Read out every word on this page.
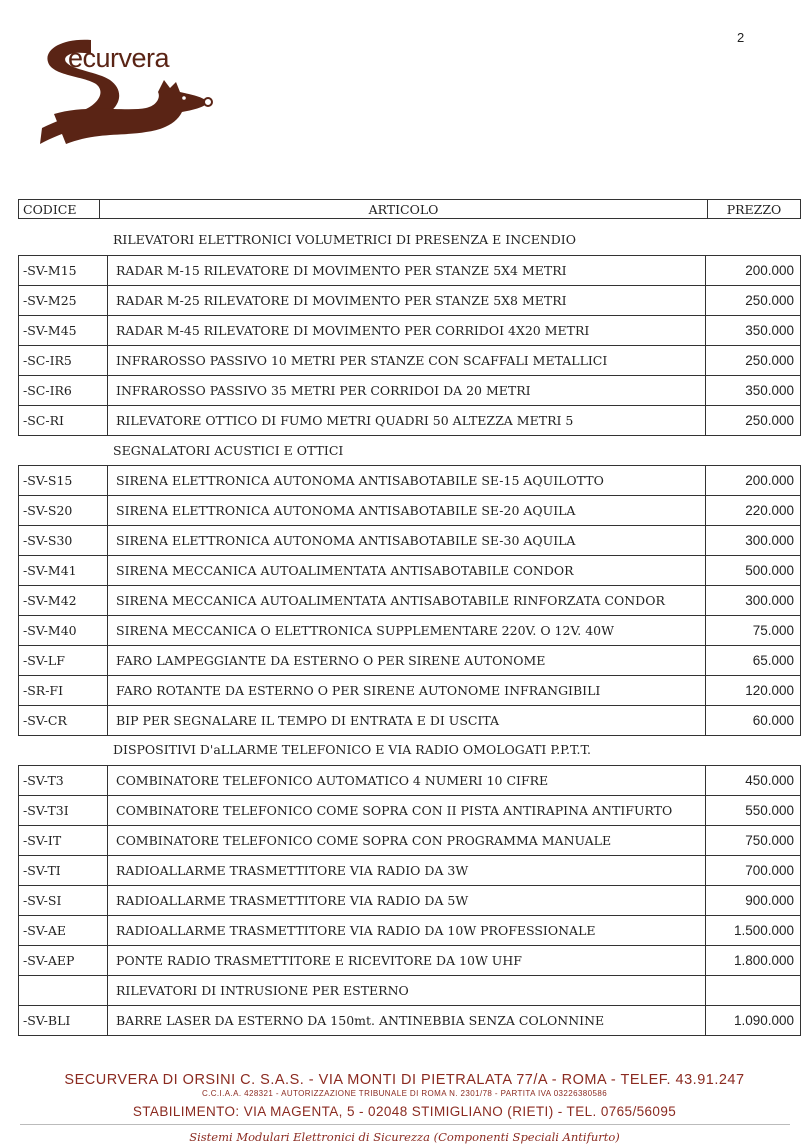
2
ecurvera
CODICE	ARTICOLO	PREZZO
RILEVATORI ELETTRONICI VOLUMETRICI DI PRESENZA E INCENDIO
-SV-M15	RADAR M-15 RILEVATORE DI MOVIMENTO PER STANZE 5X4 METRI	200.000
-SV-M25	RADAR M-25 RILEVATORE DI MOVIMENTO PER STANZE 5X8 METRI	250.000
-SV-M45	RADAR M-45 RILEVATORE DI MOVIMENTO PER CORRIDOI 4X20 METRI	350.000
-SC-IR5	INFRAROSSO PASSIVO 10 METRI PER STANZE CON SCAFFALI METALLICI	250.000
-SC-IR6	INFRAROSSO PASSIVO 35 METRI PER CORRIDOI DA 20 METRI	350.000
-SC-RI	RILEVATORE OTTICO DI FUMO METRI QUADRI 50 ALTEZZA METRI 5	250.000
SEGNALATORI ACUSTICI E OTTICI
-SV-S15	SIRENA ELETTRONICA AUTONOMA ANTISABOTABILE SE-15 AQUILOTTO	200.000
-SV-S20	SIRENA ELETTRONICA AUTONOMA ANTISABOTABILE SE-20 AQUILA	220.000
-SV-S30	SIRENA ELETTRONICA AUTONOMA ANTISABOTABILE SE-30 AQUILA	300.000
-SV-M41	SIRENA MECCANICA AUTOALIMENTATA ANTISABOTABILE CONDOR	500.000
-SV-M42	SIRENA MECCANICA AUTOALIMENTATA ANTISABOTABILE RINFORZATA CONDOR	300.000
-SV-M40	SIRENA MECCANICA O ELETTRONICA SUPPLEMENTARE 220V. O 12V. 40W	75.000
-SV-LF	FARO LAMPEGGIANTE DA ESTERNO O PER SIRENE AUTONOME	65.000
-SR-FI	FARO ROTANTE DA ESTERNO O PER SIRENE AUTONOME INFRANGIBILI	120.000
-SV-CR	BIP PER SEGNALARE IL TEMPO DI ENTRATA E DI USCITA	60.000
DISPOSITIVI D'aLLARME TELEFONICO E VIA RADIO OMOLOGATI P.P.T.T.
-SV-T3	COMBINATORE TELEFONICO AUTOMATICO 4 NUMERI 10 CIFRE	450.000
-SV-T3I	COMBINATORE TELEFONICO COME SOPRA CON II PISTA ANTIRAPINA ANTIFURTO	550.000
-SV-IT	COMBINATORE TELEFONICO COME SOPRA CON PROGRAMMA MANUALE	750.000
-SV-TI	RADIOALLARME TRASMETTITORE VIA RADIO DA 3W	700.000
-SV-SI	RADIOALLARME TRASMETTITORE VIA RADIO DA 5W	900.000
-SV-AE	RADIOALLARME TRASMETTITORE VIA RADIO DA 10W PROFESSIONALE	1.500.000
-SV-AEP	PONTE RADIO TRASMETTITORE E RICEVITORE DA 10W UHF	1.800.000
	RILEVATORI DI INTRUSIONE PER ESTERNO	
-SV-BLI	BARRE LASER DA ESTERNO DA 150mt. ANTINEBBIA SENZA COLONNINE	1.090.000
SECURVERA DI ORSINI C. S.A.S. - VIA MONTI DI PIETRALATA 77/A - ROMA - TELEF. 43.91.247
C.C.I.A.A. 428321 - AUTORIZZAZIONE TRIBUNALE DI ROMA N. 2301/78 - PARTITA IVA 03226380586
STABILIMENTO: VIA MAGENTA, 5 - 02048 STIMIGLIANO (RIETI) - TEL. 0765/56095
Sistemi Modulari Elettronici di Sicurezza (Componenti Speciali Antifurto)
